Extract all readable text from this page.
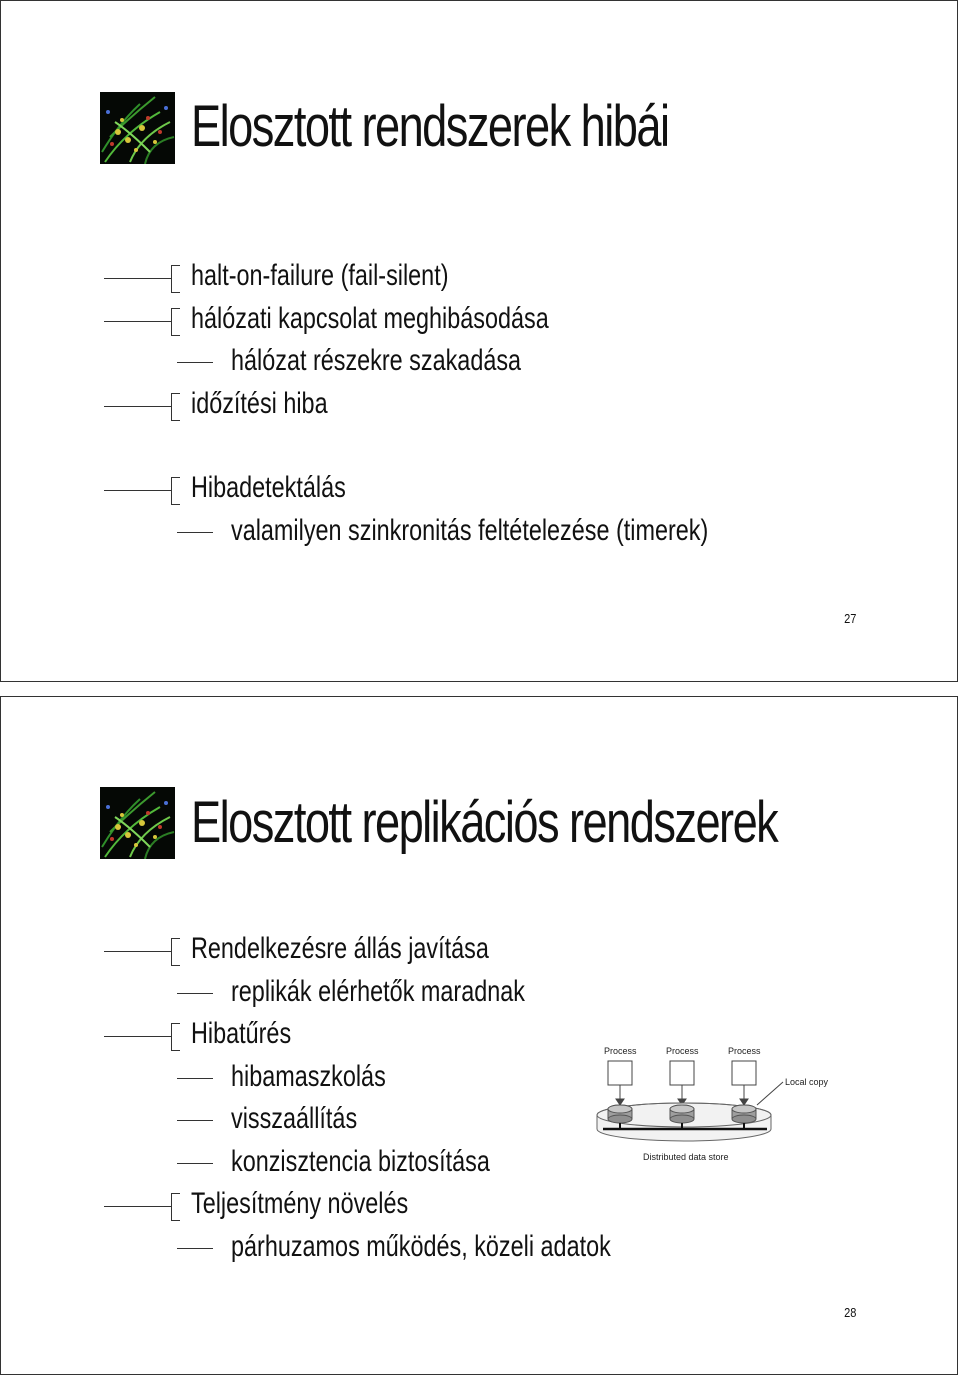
Elosztott rendszerek hibái
halt-on-failure (fail-silent)
hálózati kapcsolat meghibásodása
hálózat részekre szakadása
időzítési hiba
Hibadetektálás
valamilyen szinkronitás feltételezése (timerek)
27
Elosztott replikációs rendszerek
Rendelkezésre állás javítása
replikák elérhetők maradnak
Hibatűrés
hibamaszkolás
visszaállítás
konzisztencia biztosítása
Teljesítmény növelés
párhuzamos működés, közeli adatok
Process	Process	Process
Local copy
Distributed data store
28
